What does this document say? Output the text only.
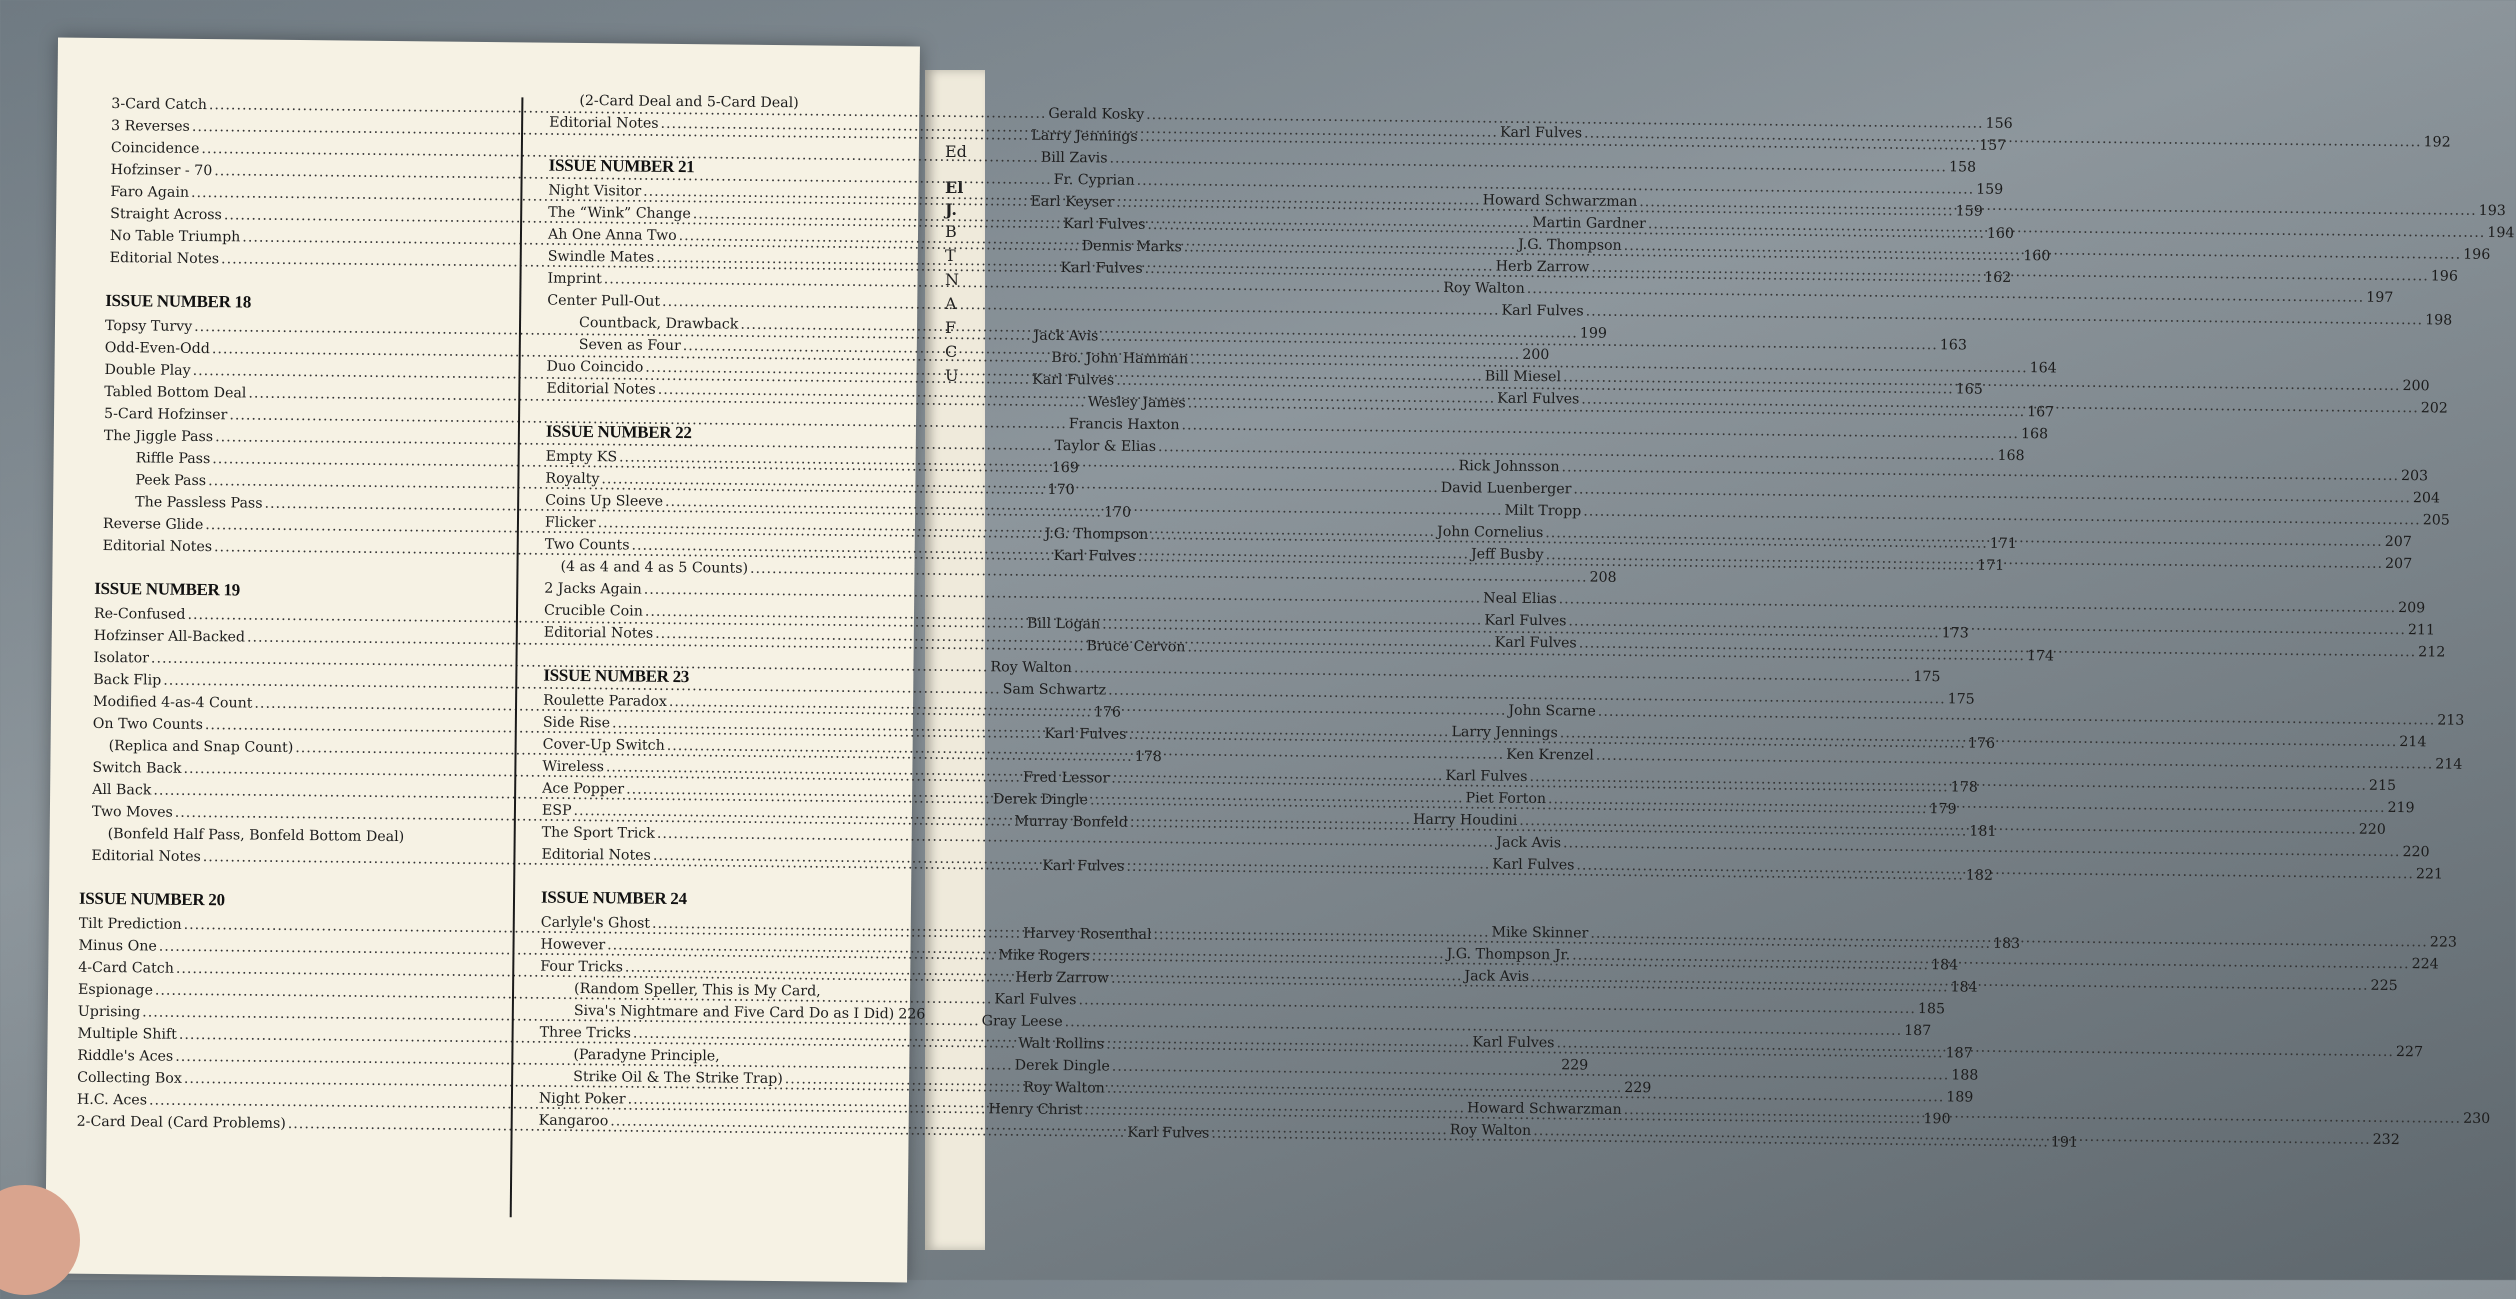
Ed
El
J.
B
T
N
A
F
C
U
3-Card Catch
.....
Gerald Kosky
.....
156
3 Reverses
.....
Larry Jennings
.....
157
Coincidence
.....
Bill Zavis
.....
158
Hofzinser - 70
.....
Fr. Cyprian
.....
159
Faro Again
.....
Earl Keyser
.....
159
Straight Across
.....
Karl Fulves
.....
160
No Table Triumph
.....
Dennis Marks
.....
160
Editorial Notes
.....
Karl Fulves
.....
162
ISSUE NUMBER 18
Topsy Turvy
.....
Jack Avis
.....
163
Odd-Even-Odd
.....
Bro. John Hamman
.....
164
Double Play
.....
Karl Fulves
.....
165
Tabled Bottom Deal
.....
Wesley James
.....
167
5-Card Hofzinser
.....
Francis Haxton
.....
168
The Jiggle Pass
.....
Taylor & Elias
.....
168
Riffle Pass
.....
169
Peek Pass
.....
170
The Passless Pass
.....
170
Reverse Glide
.....
J.G. Thompson
.....
171
Editorial Notes
.....
Karl Fulves
.....
171
ISSUE NUMBER 19
Re-Confused
.....
Bill Logan
.....
173
Hofzinser All-Backed
.....
Bruce Cervon
.....
174
Isolator
.....
Roy Walton
.....
175
Back Flip
.....
Sam Schwartz
.....
175
Modified 4-as-4 Count
.....
176
On Two Counts
.....
Karl Fulves
.....
176
(Replica and Snap Count)
.....
178
Switch Back
.....
Fred Lessor
.....
178
All Back
.....
Derek Dingle
.....
179
Two Moves
.....
Murray Bonfeld
.....
181
(Bonfeld Half Pass, Bonfeld Bottom Deal)
Editorial Notes
.....
Karl Fulves
.....
182
ISSUE NUMBER 20
Tilt Prediction
.....
Harvey Rosenthal
.....
183
Minus One
.....
Mike Rogers
.....
184
4-Card Catch
.....
Herb Zarrow
.....
184
Espionage
.....
Karl Fulves
.....
185
Uprising
.....
Gray Leese
.....
187
Multiple Shift
.....
Walt Rollins
.....
187
Riddle's Aces
.....
Derek Dingle
.....
188
Collecting Box
.....
Roy Walton
.....
189
H.C. Aces
.....
Henry Christ
.....
190
2-Card Deal (Card Problems)
.....
Karl Fulves
.....
191
(2-Card Deal and 5-Card Deal)
Editorial Notes
.....
Karl Fulves
.....
192
ISSUE NUMBER 21
Night Visitor
.....
Howard Schwarzman
.....
193
The “Wink” Change
.....
Martin Gardner
.....
194
Ah One Anna Two
.....
J.G. Thompson
.....
196
Swindle Mates
.....
Herb Zarrow
.....
196
Imprint
.....
Roy Walton
.....
197
Center Pull-Out
.....
Karl Fulves
.....
198
Countback, Drawback
.....
199
Seven as Four
.....
200
Duo Coincido
.....
Bill Miesel
.....
200
Editorial Notes
.....
Karl Fulves
.....
202
ISSUE NUMBER 22
Empty KS
.....
Rick Johnsson
.....
203
Royalty
.....
David Luenberger
.....
204
Coins Up Sleeve
.....
Milt Tropp
.....
205
Flicker
.....
John Cornelius
.....
207
Two Counts
.....
Jeff Busby
.....
207
(4 as 4 and 4 as 5 Counts)
.....
208
2 Jacks Again
.....
Neal Elias
.....
209
Crucible Coin
.....
Karl Fulves
.....
211
Editorial Notes
.....
Karl Fulves
.....
212
ISSUE NUMBER 23
Roulette Paradox
.....
John Scarne
.....
213
Side Rise
.....
Larry Jennings
.....
214
Cover-Up Switch
.....
Ken Krenzel
.....
214
Wireless
.....
Karl Fulves
.....
215
Ace Popper
.....
Piet Forton
.....
219
ESP
.....
Harry Houdini
.....
220
The Sport Trick
.....
Jack Avis
.....
220
Editorial Notes
.....
Karl Fulves
.....
221
ISSUE NUMBER 24
Carlyle's Ghost
.....
Mike Skinner
.....
223
However
.....
J.G. Thompson Jr.
.....
224
Four Tricks
.....
Jack Avis
.....
225
(Random Speller, This is My Card,
Siva's Nightmare and Five Card Do as I Did)
..... 226
Three Tricks
.....
Karl Fulves
.....
227
(Paradyne Principle,
229
Strike Oil & The Strike Trap)
.....
229
Night Poker
.....
Howard Schwarzman
.....
230
Kangaroo
.....
Roy Walton
.....
232
